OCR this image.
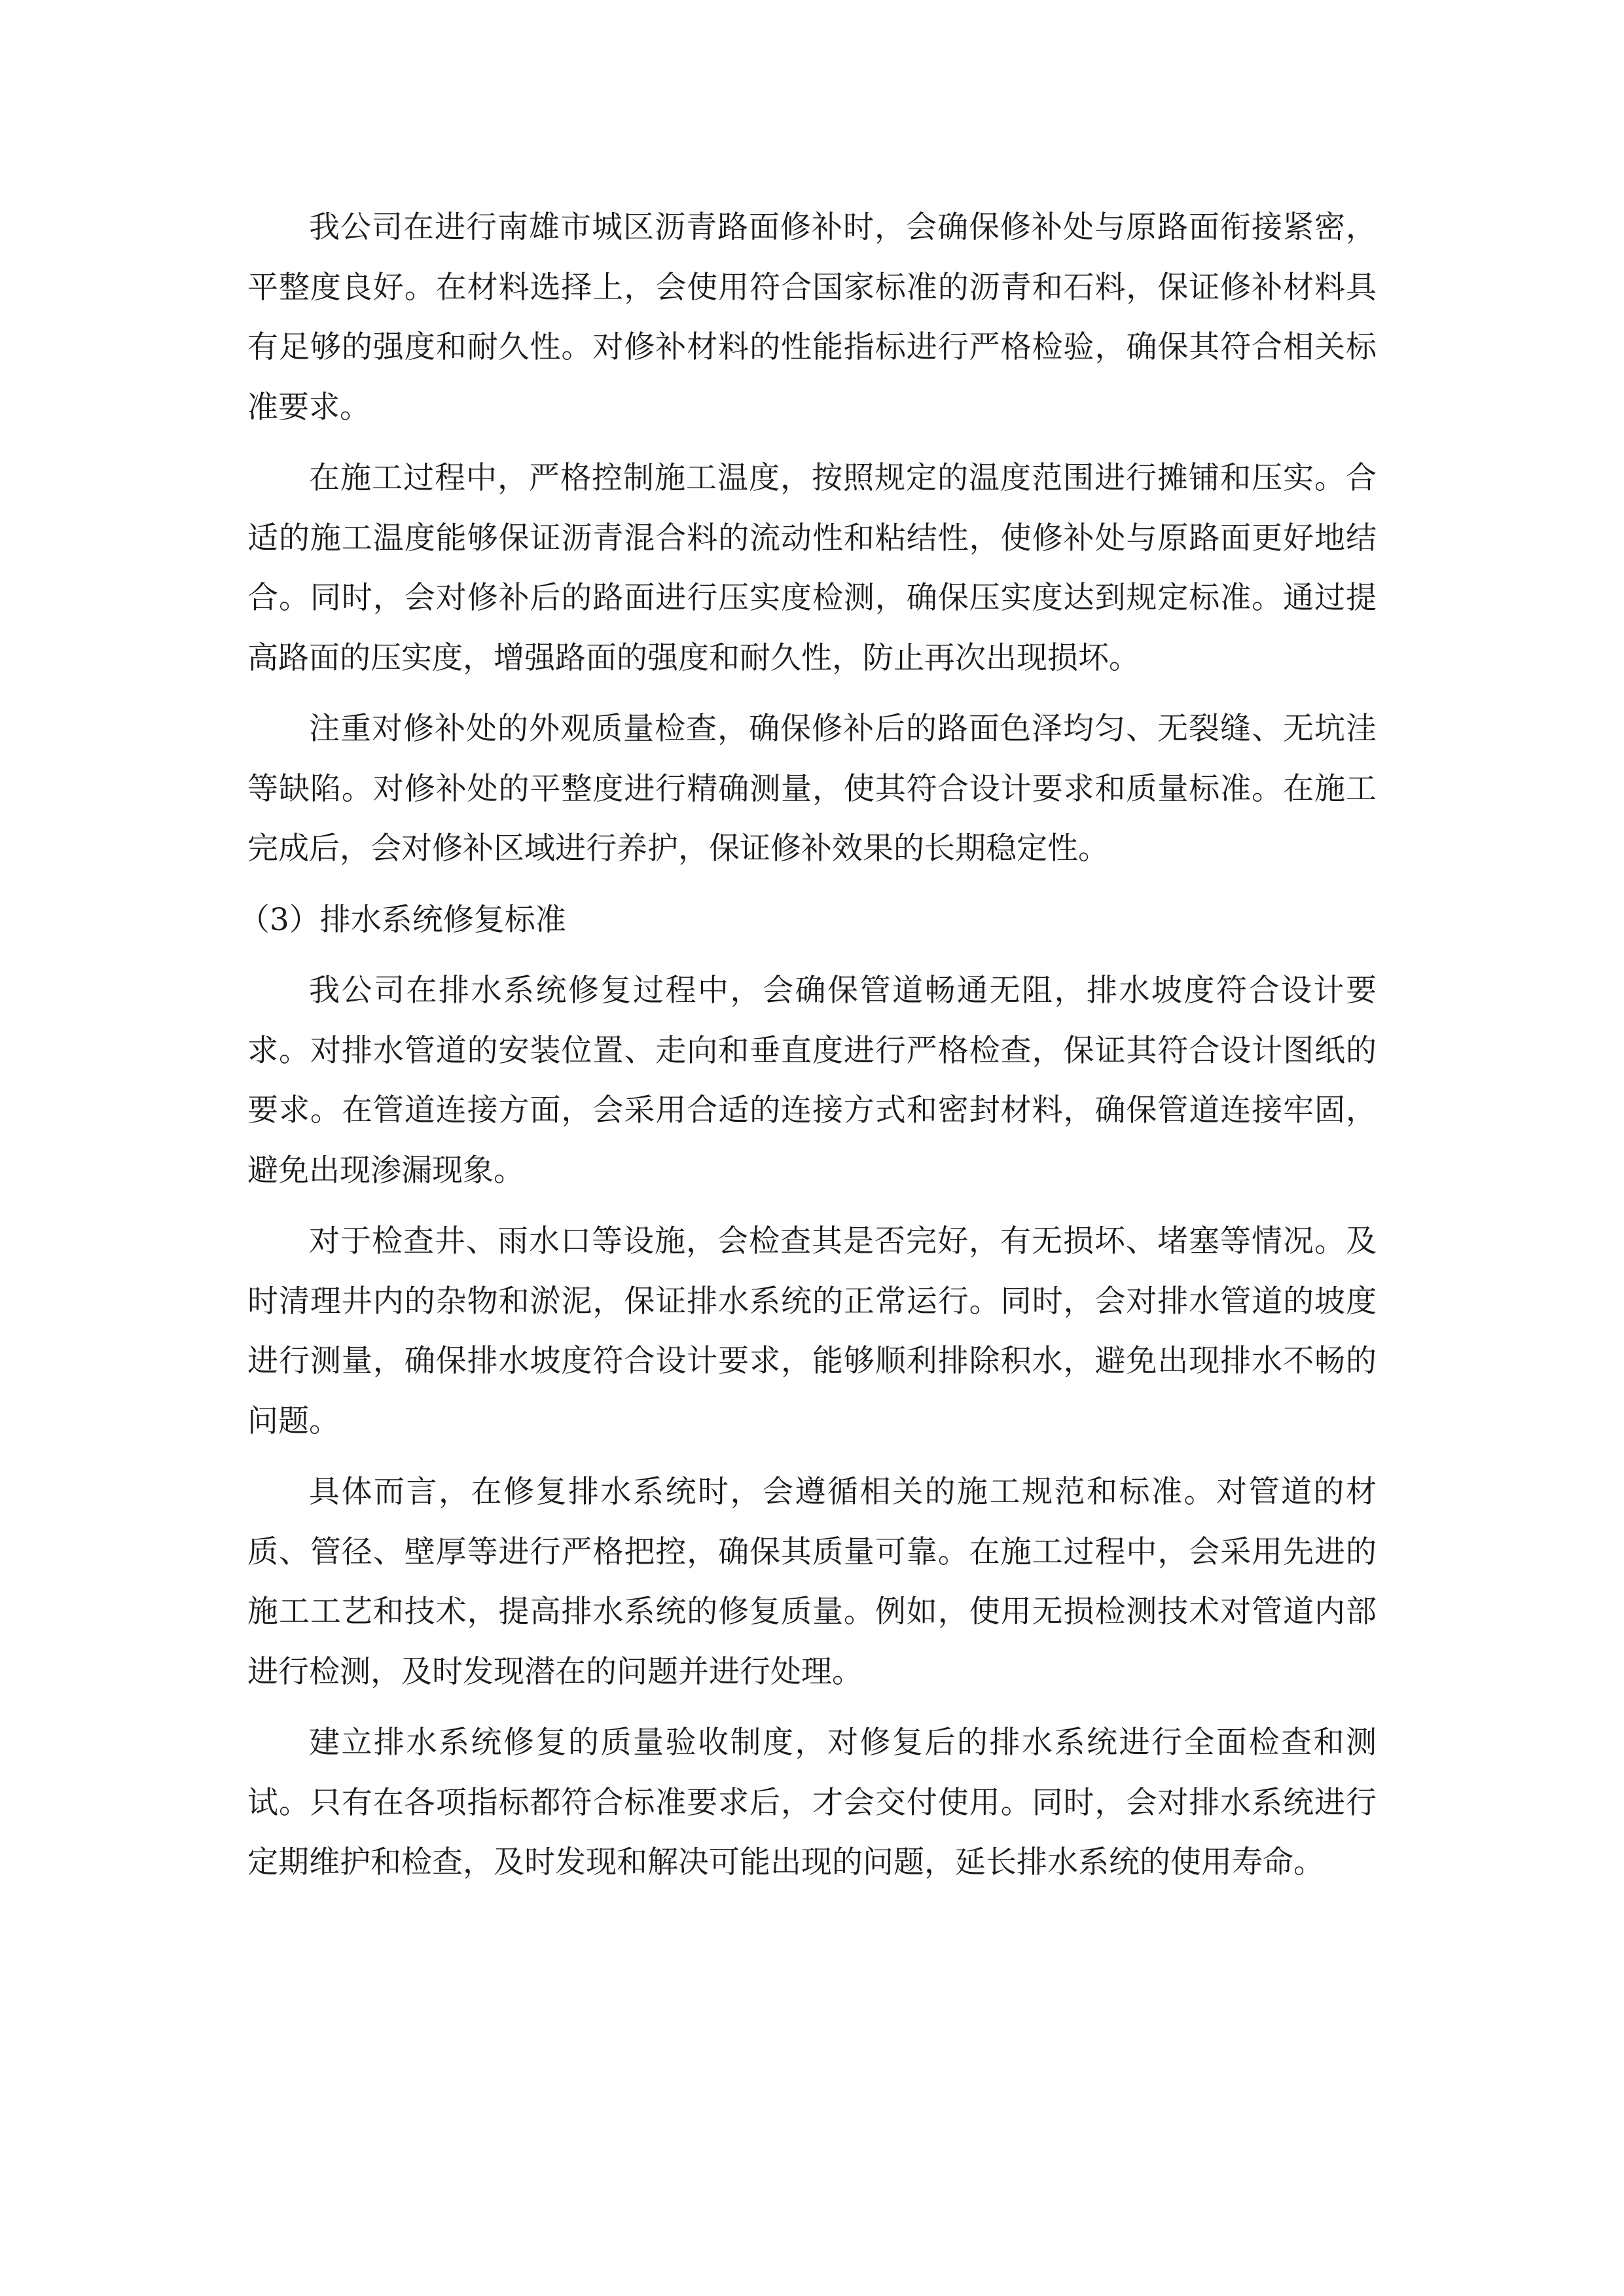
我公司在进行南雄市城区沥青路面修补时，会确保修补处与原路面衔接紧密，平整度良好。在材料选择上，会使用符合国家标准的沥青和石料，保证修补材料具有足够的强度和耐久性。对修补材料的性能指标进行严格检验，确保其符合相关标准要求。

在施工过程中，严格控制施工温度，按照规定的温度范围进行摊铺和压实。合适的施工温度能够保证沥青混合料的流动性和粘结性，使修补处与原路面更好地结合。同时，会对修补后的路面进行压实度检测，确保压实度达到规定标准。通过提高路面的压实度，增强路面的强度和耐久性，防止再次出现损坏。

注重对修补处的外观质量检查，确保修补后的路面色泽均匀、无裂缝、无坑洼等缺陷。对修补处的平整度进行精确测量，使其符合设计要求和质量标准。在施工完成后，会对修补区域进行养护，保证修补效果的长期稳定性。

（3）排水系统修复标准

我公司在排水系统修复过程中，会确保管道畅通无阻，排水坡度符合设计要求。对排水管道的安装位置、走向和垂直度进行严格检查，保证其符合设计图纸的要求。在管道连接方面，会采用合适的连接方式和密封材料，确保管道连接牢固，避免出现渗漏现象。

对于检查井、雨水口等设施，会检查其是否完好，有无损坏、堵塞等情况。及时清理井内的杂物和淤泥，保证排水系统的正常运行。同时，会对排水管道的坡度进行测量，确保排水坡度符合设计要求，能够顺利排除积水，避免出现排水不畅的问题。

具体而言，在修复排水系统时，会遵循相关的施工规范和标准。对管道的材质、管径、壁厚等进行严格把控，确保其质量可靠。在施工过程中，会采用先进的施工工艺和技术，提高排水系统的修复质量。例如，使用无损检测技术对管道内部进行检测，及时发现潜在的问题并进行处理。

建立排水系统修复的质量验收制度，对修复后的排水系统进行全面检查和测试。只有在各项指标都符合标准要求后，才会交付使用。同时，会对排水系统进行定期维护和检查，及时发现和解决可能出现的问题，延长排水系统的使用寿命。
